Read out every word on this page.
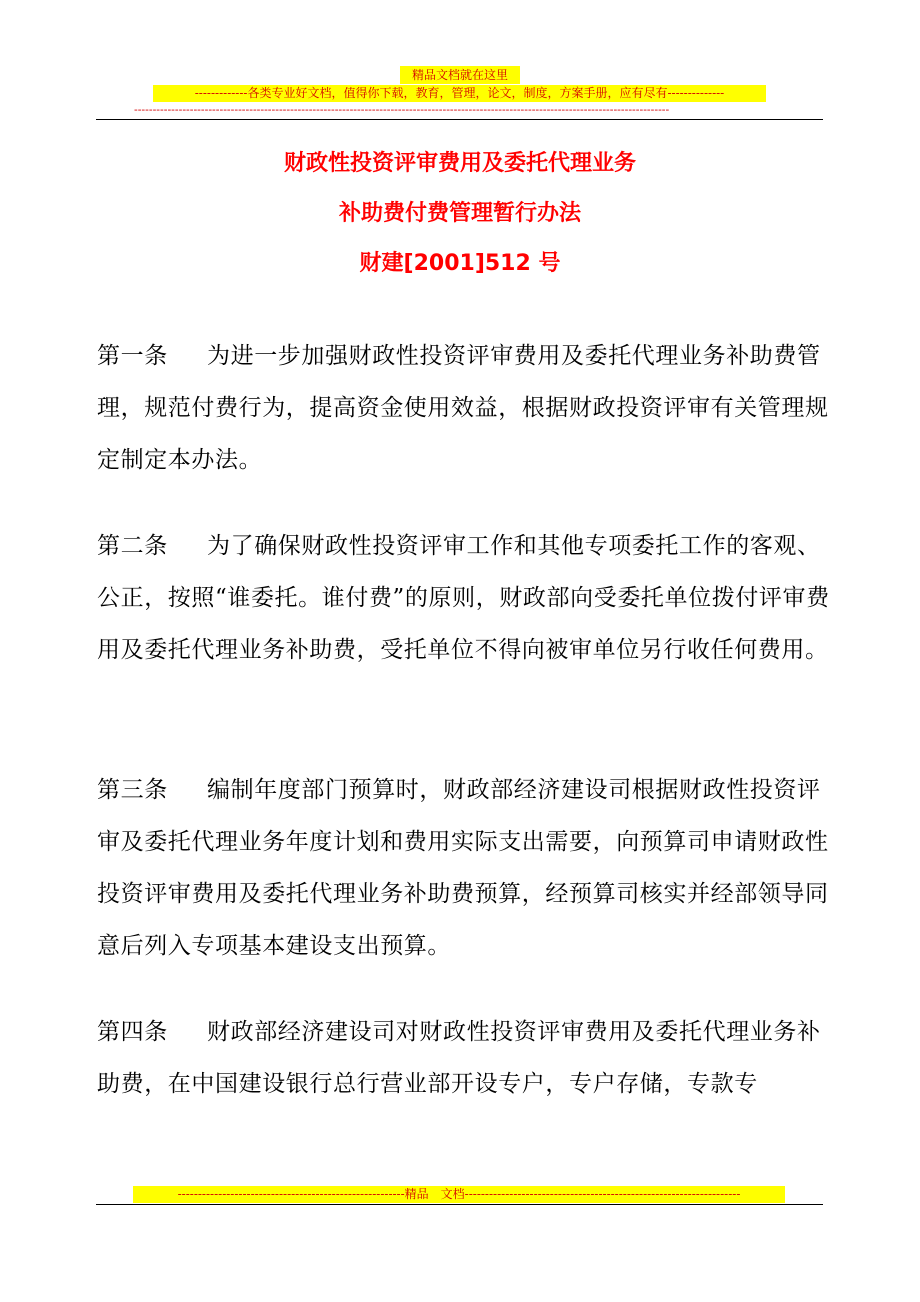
精品文档就在这里
-------------各类专业好文档，值得你下载，教育，管理，论文，制度，方案手册，应有尽有--------------
------------------------------------------------------------------------------------------------------------------------------------------------
财政性投资评审费用及委托代理业务
补助费付费管理暂行办法
财建[2001]512 号
第一条 为进一步加强财政性投资评审费用及委托代理业务补助费管理，规范付费行为，提高资金使用效益，根据财政投资评审有关管理规定制定本办法。
第二条 为了确保财政性投资评审工作和其他专项委托工作的客观、公正，按照“谁委托。谁付费”的原则，财政部向受委托单位拨付评审费用及委托代理业务补助费，受托单位不得向被审单位另行收任何费用。
第三条 编制年度部门预算时，财政部经济建设司根据财政性投资评审及委托代理业务年度计划和费用实际支出需要，向预算司申请财政性投资评审费用及委托代理业务补助费预算，经预算司核实并经部领导同意后列入专项基本建设支出预算。
第四条 财政部经济建设司对财政性投资评审费用及委托代理业务补助费，在中国建设银行总行营业部开设专户，专户存储，专款专
--------------------------------------------------------精品　文档--------------------------------------------------------------------
